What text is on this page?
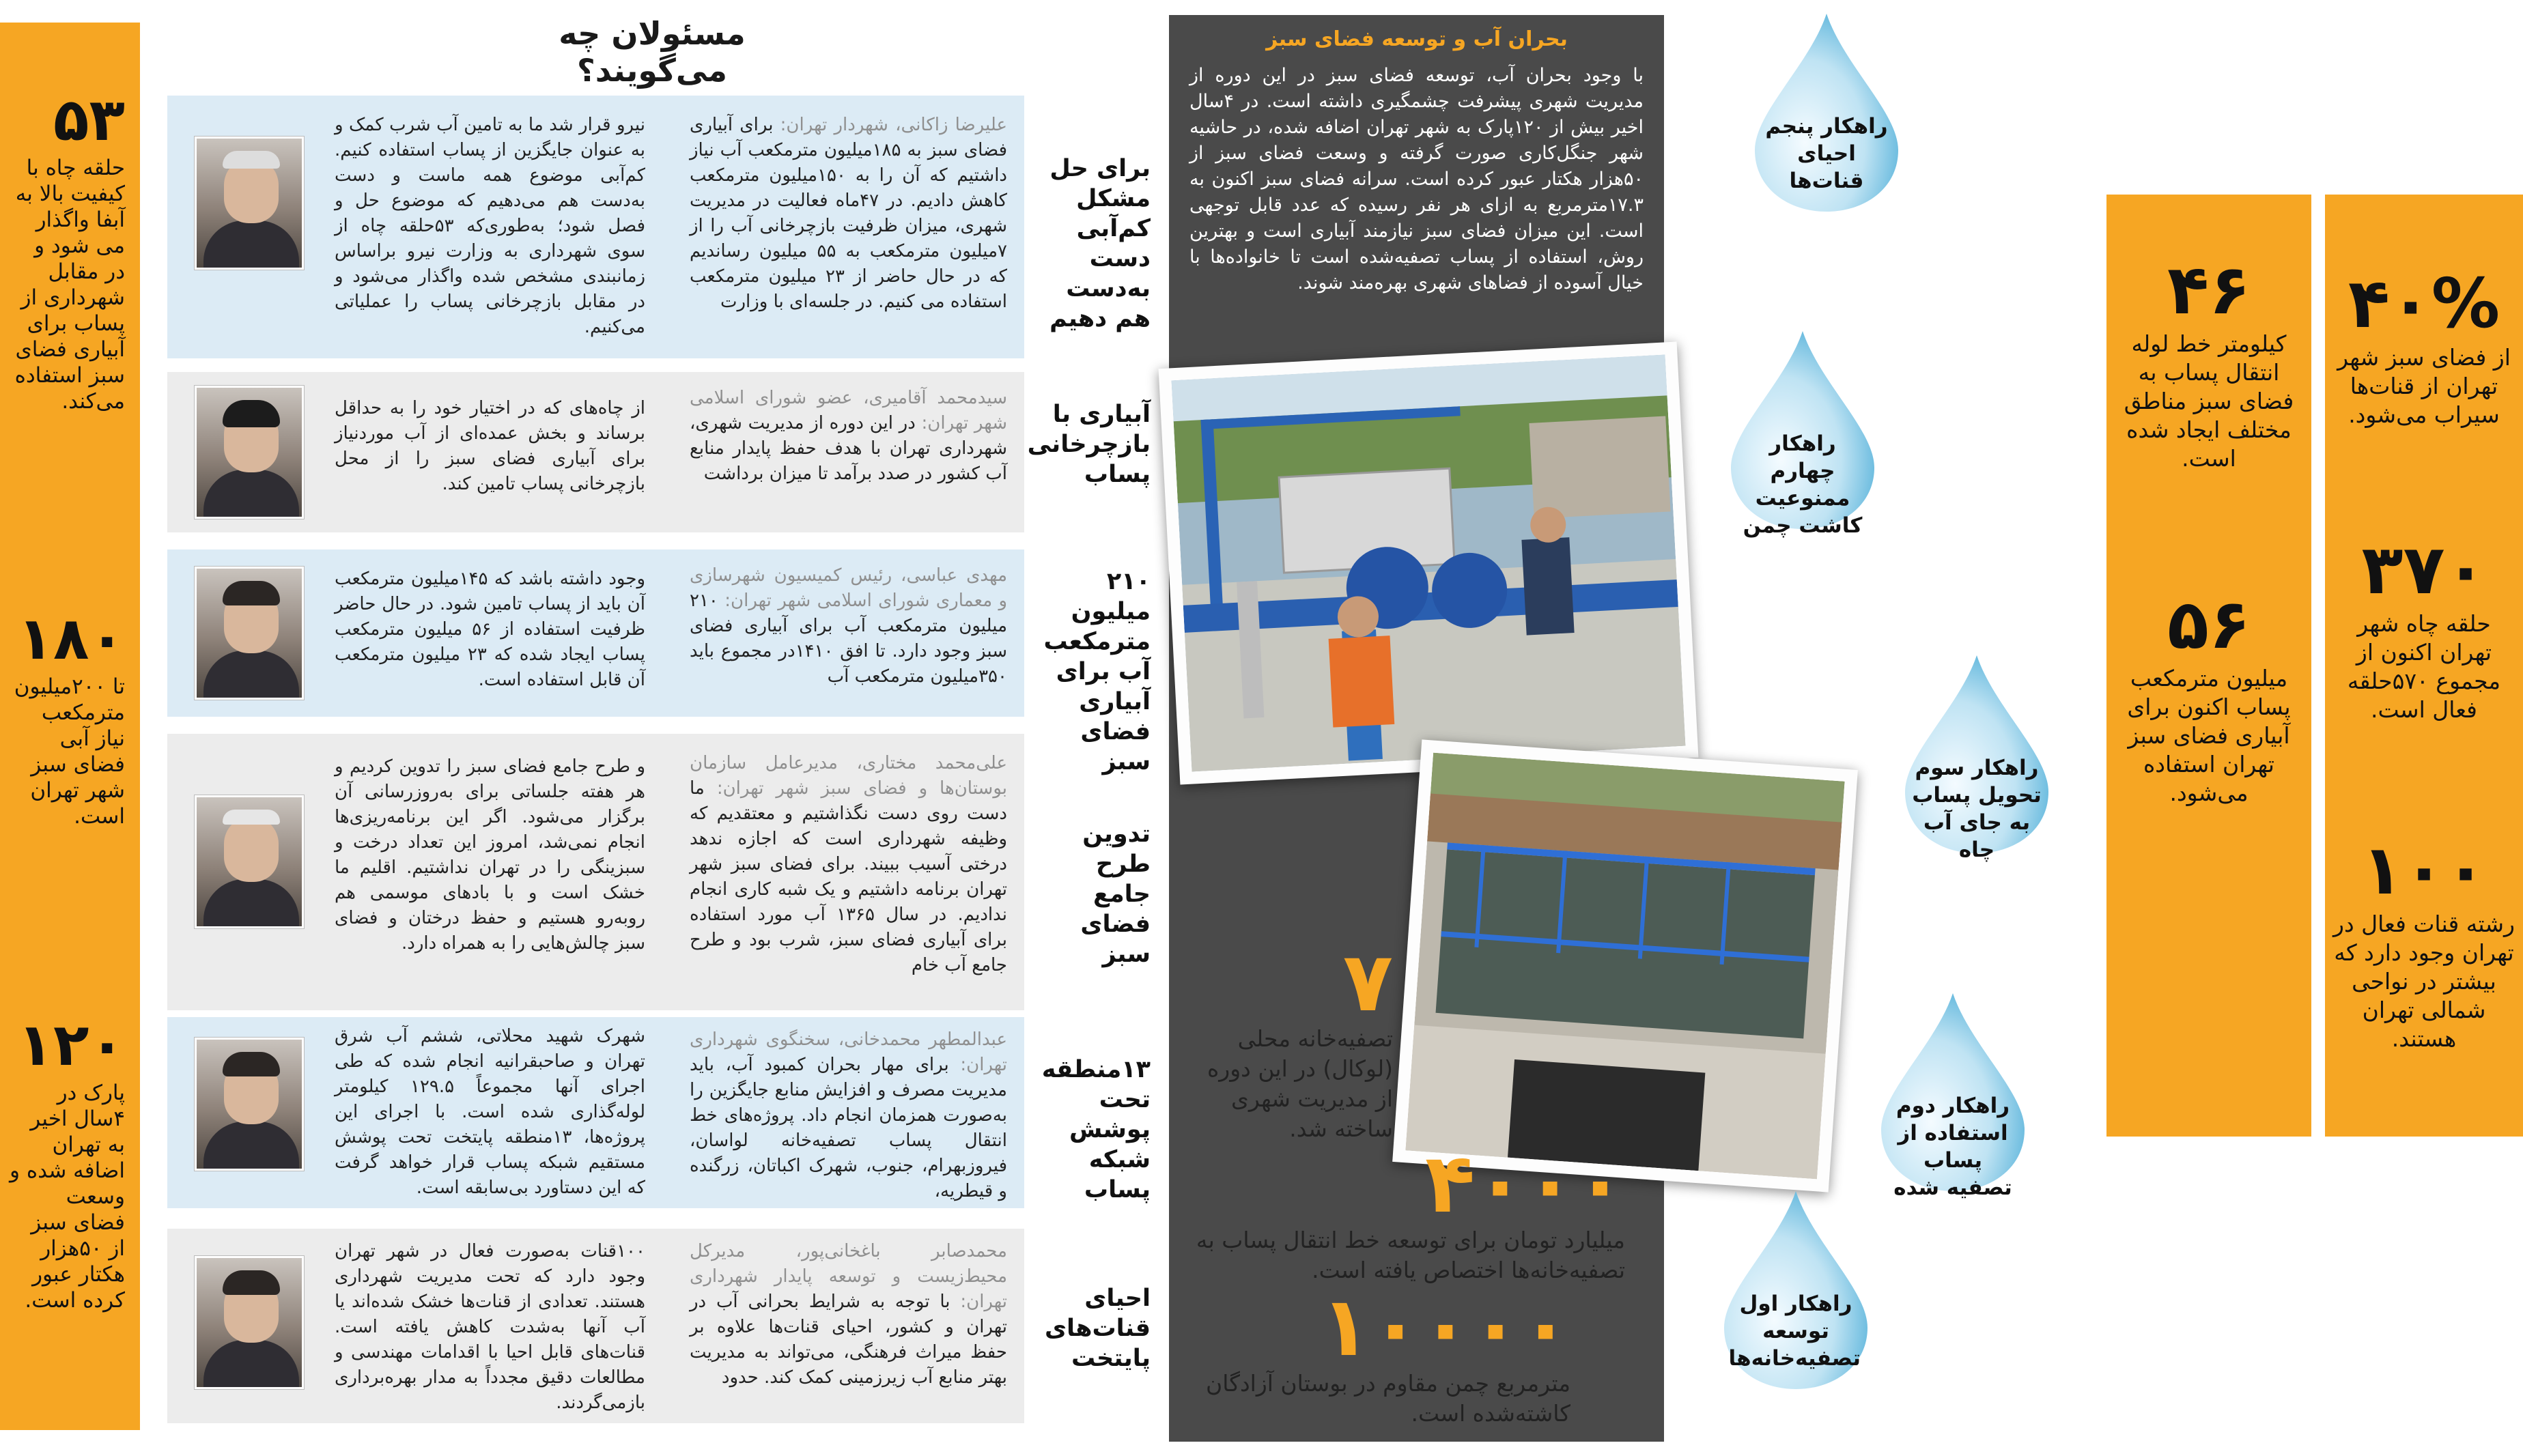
۵۳
حلقه چاه با کیفیت بالا به آبفا واگذار می شود و در مقابل شهرداری از پساب برای آبیاری فضای سبز استفاده می‌کند.
۱۸۰
تا ۲۰۰میلیون مترمکعب نیاز آبی فضای سبز شهر تهران است.
۱۲۰
پارک در ۴سال اخیر به تهران اضافه شده و وسعت فضای سبز از ۵۰هزار هکتار عبور کرده است.
مسئولان چه می‌گویند؟
نیرو قرار شد ما به تامین آب شرب کمک و به عنوان جایگزین از پساب استفاده کنیم. کم‌آبی موضوع همه ماست و دست به‌دست هم می‌دهیم که موضوع حل و فصل شود؛ به‌طوری‌که ۵۳حلقه چاه از سوی شهرداری به وزارت نیرو براساس زمانبندی مشخص شده واگذار می‌شود و در مقابل بازچرخانی پساب را عملیاتی می‌کنیم.
علیرضا زاکانی، شهردار تهران: برای آبیاری فضای سبز به ۱۸۵میلیون مترمکعب آب نیاز داشتیم که آن را به ۱۵۰میلیون مترمکعب کاهش دادیم. در ۴۷ماه فعالیت در مدیریت شهری، میزان ظرفیت بازچرخانی آب را از ۷میلیون مترمکعب به ۵۵ میلیون رساندیم که در حال حاضر از ۲۳ میلیون مترمکعب استفاده می کنیم. در جلسه‌ای با وزارت
برای حل مشکل کم‌آبی دست به‌دست هم دهیم
از چاه‌های که در اختیار خود را به حداقل برساند و بخش عمده‌ای از آب موردنیاز برای آبیاری فضای سبز را از محل بازچرخانی پساب تامین کند.
سیدمحمد آقامیری، عضو شورای اسلامی شهر تهران: در این دوره از مدیریت شهری، شهرداری تهران با هدف حفظ پایدار منابع آب کشور در صدد برآمد تا میزان برداشت
آبیاری با بازچرخانی پساب
وجود داشته باشد که ۱۴۵میلیون مترمکعب آن باید از پساب تامین شود. در حال حاضر ظرفیت استفاده از ۵۶ میلیون مترمکعب پساب ایجاد شده که ۲۳ میلیون مترمکعب آن قابل استفاده است.
مهدی عباسی، رئیس کمیسیون شهرسازی و معماری شورای اسلامی شهر تهران: ۲۱۰ میلیون مترمکعب آب برای آبیاری فضای سبز وجود دارد. تا افق ۱۴۱۰در مجموع باید ۳۵۰میلیون مترمکعب آب
۲۱۰ میلیون مترمکعب آب برای آبیاری فضای سبز
و طرح جامع فضای سبز را تدوین کردیم و هر هفته جلساتی برای به‌روزرسانی آن برگزار می‌شود. اگر این برنامه‌ریزی‌ها انجام نمی‌شد، امروز این تعداد درخت و سبزینگی را در تهران نداشتیم. اقلیم ما خشک است و با بادهای موسمی هم روبه‌رو هستیم و حفظ درختان و فضای سبز چالش‌هایی را به همراه دارد.
علی‌محمد مختاری، مدیرعامل سازمان بوستان‌ها و فضای سبز شهر تهران: ما دست روی دست نگذاشتیم و معتقدیم که وظیفه شهرداری است که اجازه ندهد درختی آسیب ببیند. برای فضای سبز شهر تهران برنامه داشتیم و یک شبه کاری انجام ندادیم. در سال ۱۳۶۵ آب مورد استفاده برای آبیاری فضای سبز، شرب بود و طرح جامع آب خام
تدوین طرح جامع فضای سبز
شهرک شهید محلاتی، ششم آب شرق تهران و صاحبقرانیه انجام شده که طی اجرای آنها مجموعاً ۱۲۹.۵ کیلومتر لوله‌گذاری شده است. با اجرای این پروژه‌ها، ۱۳منطقه پایتخت تحت پوشش مستقیم شبکه پساب قرار خواهد گرفت که این دستاورد بی‌سابقه است.
عبدالمطهر محمدخانی، سخنگوی شهرداری تهران: برای مهار بحران کمبود آب، باید مدیریت مصرف و افزایش منابع جایگزین را به‌صورت همزمان انجام داد. پروژه‌های خط انتقال پساب تصفیه‌خانه لواسان، فیروزبهرام، جنوب، شهرک اکباتان، زرگنده و قیطریه،
۱۳منطقه تحت پوشش شبکه پساب
۱۰۰قنات به‌صورت فعال در شهر تهران وجود دارد که تحت مدیریت شهرداری هستند. تعدادی از قنات‌ها خشک شده‌اند یا آب آنها به‌شدت کاهش یافته است. قنات‌های قابل احیا با اقدامات مهندسی و مطالعات دقیق مجدداً به مدار بهره‌برداری بازمی‌گردند.
محمدصابر باغخانی‌پور، مدیرکل محیط‌زیست و توسعه پایدار شهرداری تهران: با توجه به شرایط بحرانی آب در تهران و کشور، احیای قنات‌ها علاوه بر حفظ میراث فرهنگی، می‌تواند به مدیریت بهتر منابع آب زیرزمینی کمک کند. حدود
احیای قنات‌های پایتخت
بحران آب و توسعه فضای سبز
با وجود بحران آب، توسعه فضای سبز در این دوره از مدیریت شهری پیشرفت چشمگیری داشته است. در ۴سال اخیر بیش از ۱۲۰پارک به شهر تهران اضافه شده، در حاشیه شهر جنگل‌کاری صورت گرفته و وسعت فضای سبز از ۵۰هزار هکتار عبور کرده است. سرانه فضای سبز اکنون به ۱۷.۳مترمربع به ازای هر نفر رسیده که عدد قابل توجهی است. این میزان فضای سبز نیازمند آبیاری است و بهترین روش، استفاده از پساب تصفیه‌شده است تا خانواده‌ها با خیال آسوده از فضاهای شهری بهره‌مند شوند.
۷
تصفیه‌خانه محلی (لوکال) در این دوره از مدیریت شهری ساخته شد.
۴۰۰۰
میلیارد تومان برای توسعه خط انتقال پساب به تصفیه‌خانه‌ها اختصاص یافته است.
۱۰۰۰۰
مترمربع چمن مقاوم در بوستان آزادگان کاشته‌شده است.
راهکار پنجم احیای قنات‌ها
راهکار چهارم ممنوعیت کاشت چمن
راهکار سوم تحویل پساب به جای آب چاه
راهکار دوم استفاده از پساب تصفیه شده
راهکار اول توسعه تصفیه‌خانه‌ها
۴۶
کیلومتر خط لوله انتقال پساب به فضای سبز مناطق مختلف ایجاد شده است.
۵۶
میلیون مترمکعب پساب اکنون برای آبیاری فضای سبز تهران استفاده می‌شود.
۴۰%
از فضای سبز شهر تهران از قنات‌ها سیراب می‌شود.
۳۷۰
حلقه چاه شهر تهران اکنون از مجموع ۵۷۰حلقه فعال است.
۱۰۰
رشته قنات فعال در تهران وجود دارد که بیشتر در نواحی شمالی تهران هستند.
